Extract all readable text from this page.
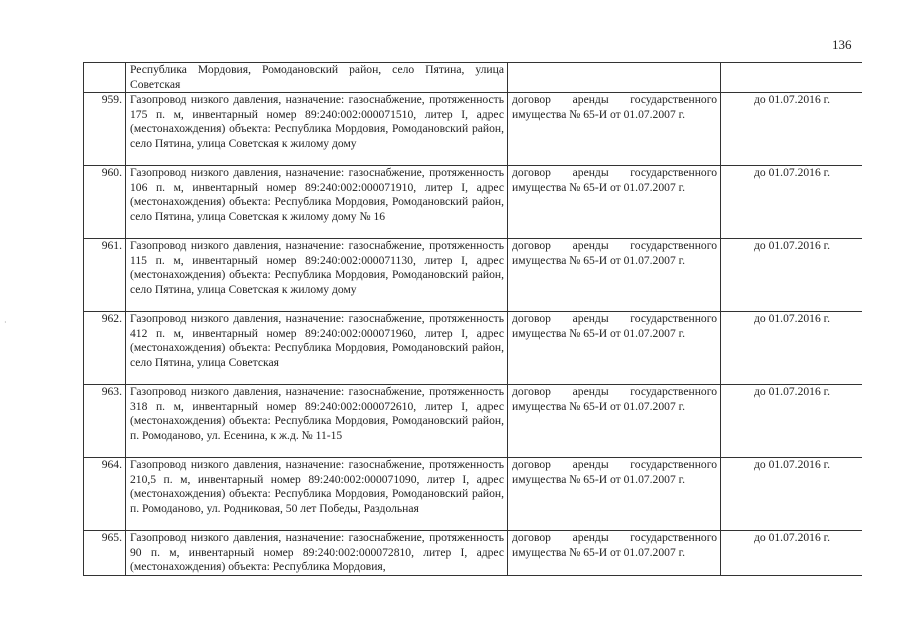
136
·
	Республика Мордовия, Ромодановский район, село Пятина, улица Советская		
959.	Газопровод низкого давления, назначение: газоснабжение, протяженность 175 п. м, инвентарный номер 89:240:002:000071510, литер I, адрес (местонахождения) объекта: Республика Мордовия, Ромодановский район, село Пятина, улица Советская к жилому дому	договор аренды государственного имущества № 65-И от 01.07.2007 г.	до 01.07.2016 г.
960.	Газопровод низкого давления, назначение: газоснабжение, протяженность 106 п. м, инвентарный номер 89:240:002:000071910, литер I, адрес (местонахождения) объекта: Республика Мордовия, Ромодановский район, село Пятина, улица Советская к жилому дому № 16	договор аренды государственного имущества № 65-И от 01.07.2007 г.	до 01.07.2016 г.
961.	Газопровод низкого давления, назначение: газоснабжение, протяженность 115 п. м, инвентарный номер 89:240:002:000071130, литер I, адрес (местонахождения) объекта: Республика Мордовия, Ромодановский район, село Пятина, улица Советская к жилому дому	договор аренды государственного имущества № 65-И от 01.07.2007 г.	до 01.07.2016 г.
962.	Газопровод низкого давления, назначение: газоснабжение, протяженность 412 п. м, инвентарный номер 89:240:002:000071960, литер I, адрес (местонахождения) объекта: Республика Мордовия, Ромодановский район, село Пятина, улица Советская	договор аренды государственного имущества № 65-И от 01.07.2007 г.	до 01.07.2016 г.
963.	Газопровод низкого давления, назначение: газоснабжение, протяженность 318 п. м, инвентарный номер 89:240:002:000072610, литер I, адрес (местонахождения) объекта: Республика Мордовия, Ромодановский район, п. Ромоданово, ул. Есенина, к ж.д. № 11-15	договор аренды государственного имущества № 65-И от 01.07.2007 г.	до 01.07.2016 г.
964.	Газопровод низкого давления, назначение: газоснабжение, протяженность 210,5 п. м, инвентарный номер 89:240:002:000071090, литер I, адрес (местонахождения) объекта: Республика Мордовия, Ромодановский район, п. Ромоданово, ул. Родниковая, 50 лет Победы, Раздольная	договор аренды государственного имущества № 65-И от 01.07.2007 г.	до 01.07.2016 г.
965.	Газопровод низкого давления, назначение: газоснабжение, протяженность 90 п. м, инвентарный номер 89:240:002:000072810, литер I, адрес (местонахождения) объекта: Республика Мордовия,	договор аренды государственного имущества № 65-И от 01.07.2007 г.	до 01.07.2016 г.
